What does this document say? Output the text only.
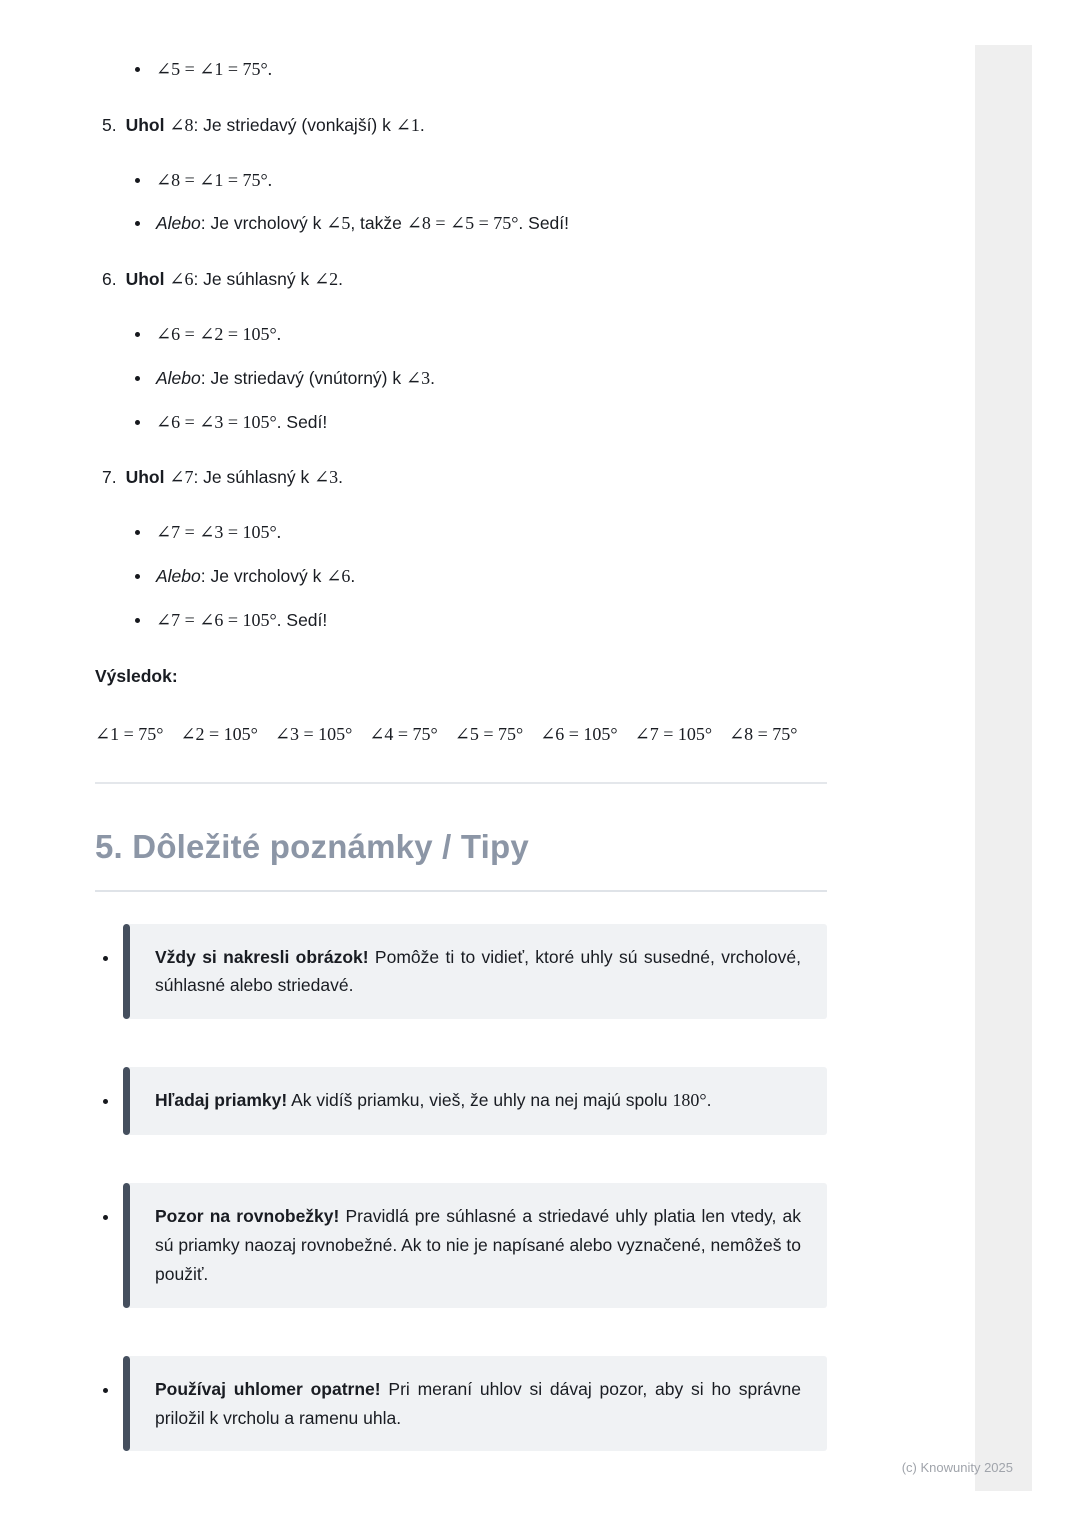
∠5 = ∠1 = 75°.
5. Uhol ∠8: Je striedavý (vonkajší) k ∠1.
∠8 = ∠1 = 75°.
Alebo: Je vrcholový k ∠5, takže ∠8 = ∠5 = 75°. Sedí!
6. Uhol ∠6: Je súhlasný k ∠2.
∠6 = ∠2 = 105°.
Alebo: Je striedavý (vnútorný) k ∠3.
∠6 = ∠3 = 105°. Sedí!
7. Uhol ∠7: Je súhlasný k ∠3.
∠7 = ∠3 = 105°.
Alebo: Je vrcholový k ∠6.
∠7 = ∠6 = 105°. Sedí!
Výsledok:
∠1 = 75° ∠2 = 105° ∠3 = 105° ∠4 = 75° ∠5 = 75° ∠6 = 105° ∠7 = 105° ∠8 = 75°
5. Dôležité poznámky / Tipy
Vždy si nakresli obrázok! Pomôže ti to vidieť, ktoré uhly sú susedné, vrcholové, súhlasné alebo striedavé.
Hľadaj priamky! Ak vidíš priamku, vieš, že uhly na nej majú spolu 180°.
Pozor na rovnobežky! Pravidlá pre súhlasné a striedavé uhly platia len vtedy, ak sú priamky naozaj rovnobežné. Ak to nie je napísané alebo vyznačené, nemôžeš to použiť.
Používaj uhlomer opatrne! Pri meraní uhlov si dávaj pozor, aby si ho správne priložil k vrcholu a ramenu uhla.
(c) Knowunity 2025
